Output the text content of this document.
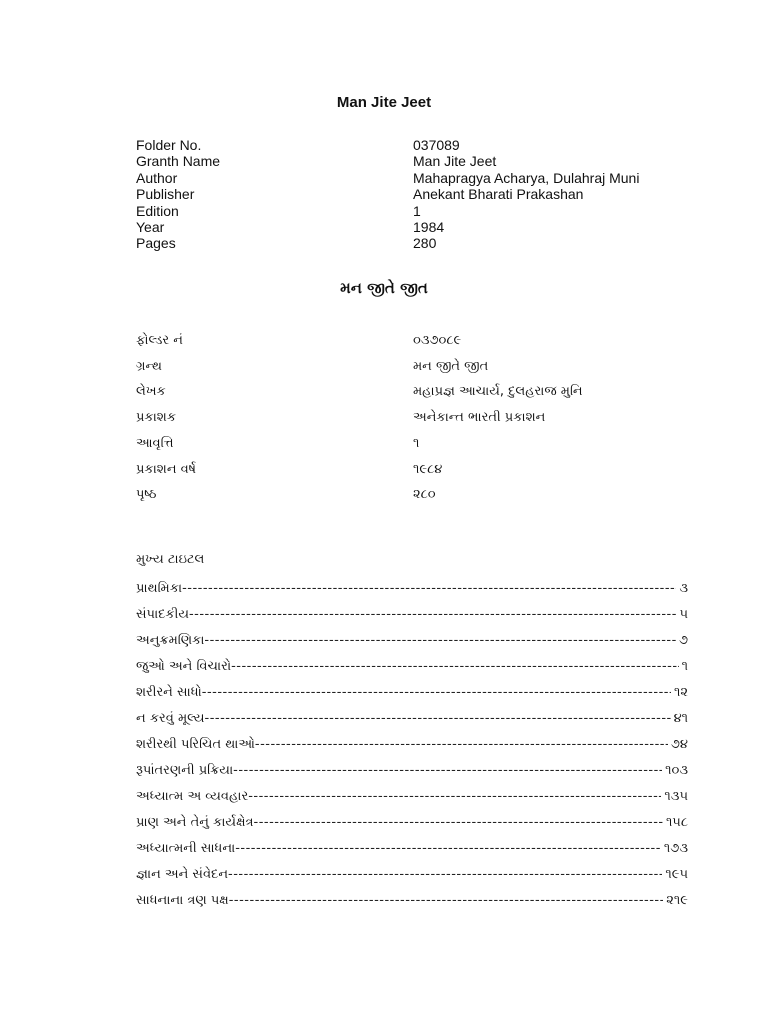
Man Jite Jeet
Folder No.	037089
Granth Name	Man Jite Jeet
Author	Mahapragya Acharya, Dulahraj Muni
Publisher	Anekant Bharati Prakashan
Edition	1
Year	1984
Pages	280
મન જીતે જીત
ફોલ્ડર નં	૦૩૭૦૮૯
ગ્રન્થ	મન જીતે જીત
લેખક	મહાપ્રજ્ઞ આચાર્ય, દુલહરાજ મુનિ
પ્રકાશક	અનેકાન્ત ભારતી પ્રકાશન
આવૃત્તિ	૧
પ્રકાશન વર્ષ	૧૯૮૪
પૃષ્ઠ	૨૮૦
મુખ્ય ટાઇટલ
પ્રાથમિકા -----	૩
સંપાદકીય -----	૫
અનુક્રમણિકા -----	૭
જુઓ અને વિચારો -----	૧
શરીરને સાધો -----	૧૨
ન કરવું મૂલ્ય -----	૪૧
શરીરથી પરિચિત થાઓ -----	૭૪
રૂપાંતરણની પ્રક્રિયા -----	૧૦૩
અધ્યાત્મ અ વ્યવહાર -----	૧૩૫
પ્રાણ અને તેનું કાર્યક્ષેત્ર -----	૧૫૮
અધ્યાત્મની સાધના -----	૧૭૩
જ્ઞાન અને સંવેદન -----	૧૯૫
સાધનાના ત્રણ પક્ષ -----	૨૧૯
